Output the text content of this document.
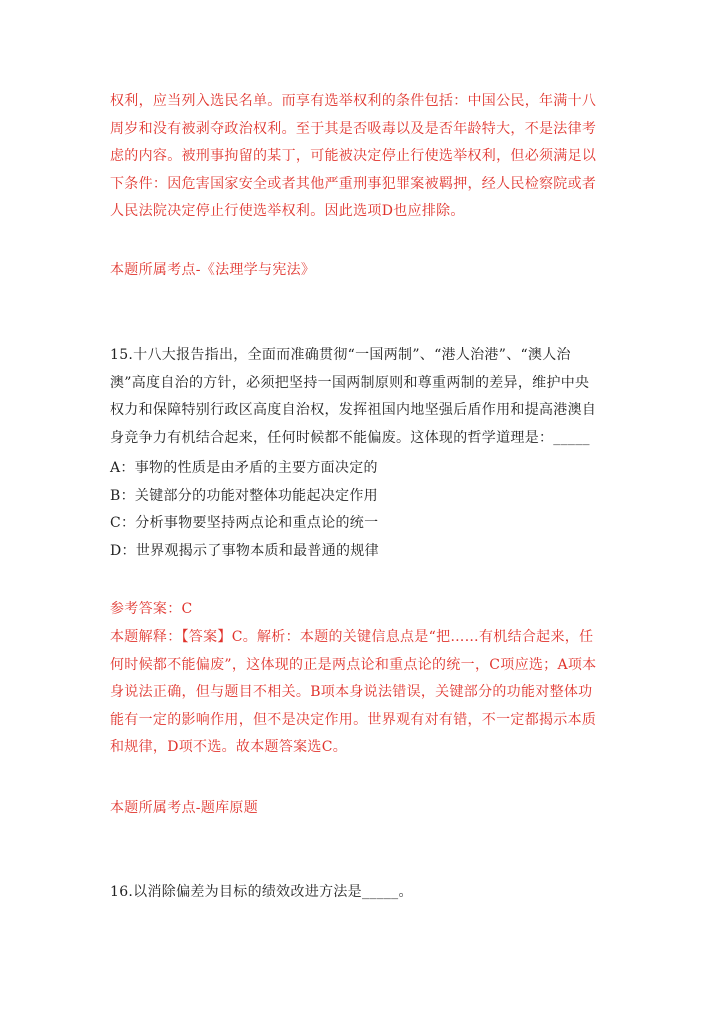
权利，应当列入选民名单。而享有选举权利的条件包括：中国公民，年满十八
周岁和没有被剥夺政治权利。至于其是否吸毒以及是否年龄特大，不是法律考
虑的内容。被刑事拘留的某丁，可能被决定停止行使选举权利，但必须满足以
下条件：因危害国家安全或者其他严重刑事犯罪案被羁押，经人民检察院或者
人民法院决定停止行使选举权利。因此选项D也应排除。
本题所属考点-《法理学与宪法》
15.十八大报告指出，全面而准确贯彻“一国两制”、“港人治港”、“澳人治
澳”高度自治的方针，必须把坚持一国两制原则和尊重两制的差异，维护中央
权力和保障特别行政区高度自治权，发挥祖国内地坚强后盾作用和提高港澳自
身竞争力有机结合起来，任何时候都不能偏废。这体现的哲学道理是：_____
A：事物的性质是由矛盾的主要方面决定的
B：关键部分的功能对整体功能起决定作用
C：分析事物要坚持两点论和重点论的统一
D：世界观揭示了事物本质和最普通的规律
参考答案：C
本题解释：【答案】C。解析：本题的关键信息点是“把……有机结合起来，任
何时候都不能偏废”，这体现的正是两点论和重点论的统一，C项应选；A项本
身说法正确，但与题目不相关。B项本身说法错误，关键部分的功能对整体功
能有一定的影响作用，但不是决定作用。世界观有对有错，不一定都揭示本质
和规律，D项不选。故本题答案选C。
本题所属考点-题库原题
16.以消除偏差为目标的绩效改进方法是_____。
